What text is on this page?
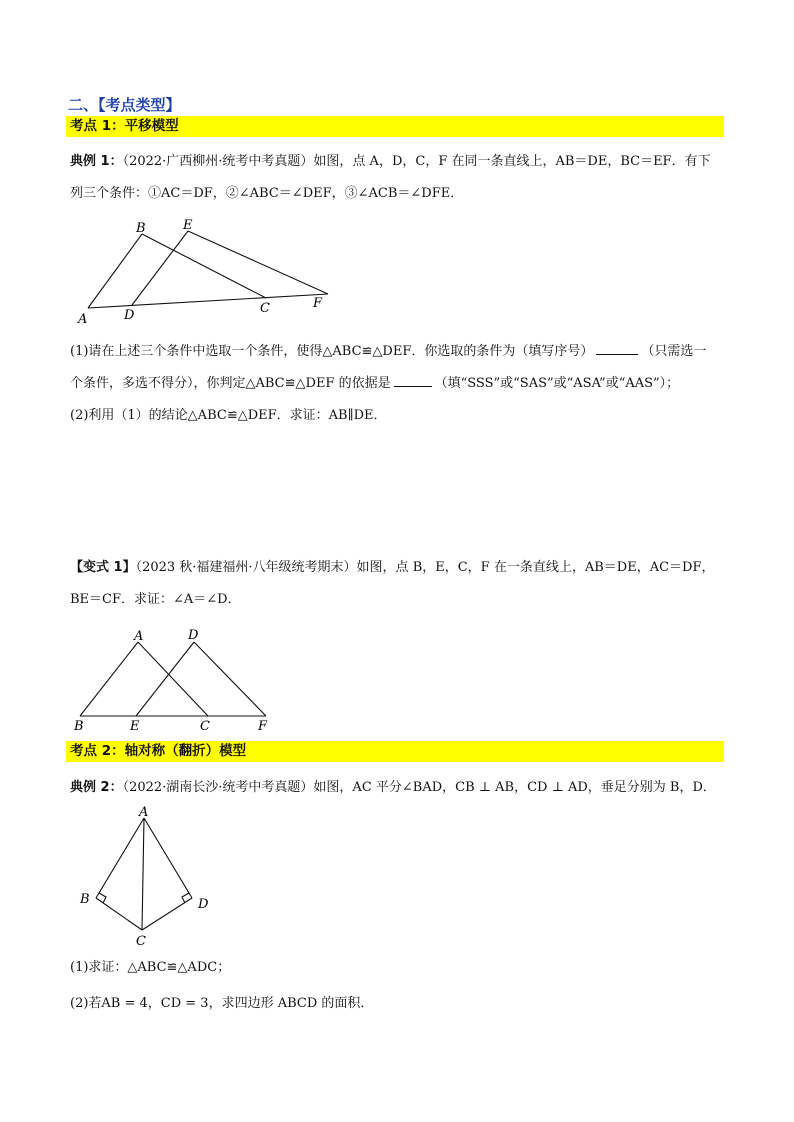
二、【考点类型】
考点 1：平移模型
典例 1：（2022·广西柳州·统考中考真题）如图，点 A，D，C，F 在同一条直线上，AB＝DE，BC＝EF．有下
列三个条件：①AC＝DF，②∠ABC＝∠DEF，③∠ACB＝∠DFE．
A
B
D
E
C	F
(1)请在上述三个条件中选取一个条件，使得△ABC≌△DEF．你选取的条件为（填写序号）	（只需选一
个条件，多选不得分），你判定△ABC≌△DEF 的依据是	（填“SSS”或“SAS”或“ASA”或“AAS”）；
(2)利用（1）的结论△ABC≌△DEF．求证：AB∥DE．
【变式 1】（2023 秋·福建福州·八年级统考期末）如图，点 B，E，C，F 在一条直线上，AB＝DE，AC＝DF，
BE＝CF．求证：∠A＝∠D．
A	D
B	E	C	F
考点 2：轴对称（翻折）模型
典例 2：（2022·湖南长沙·统考中考真题）如图，AC 平分∠BAD，CB ⊥ AB，CD ⊥ AD，垂足分别为 B，D．
A
B	D
C
(1)求证：△ABC≌△ADC；
(2)若AB = 4，CD = 3，求四边形 ABCD 的面积．
